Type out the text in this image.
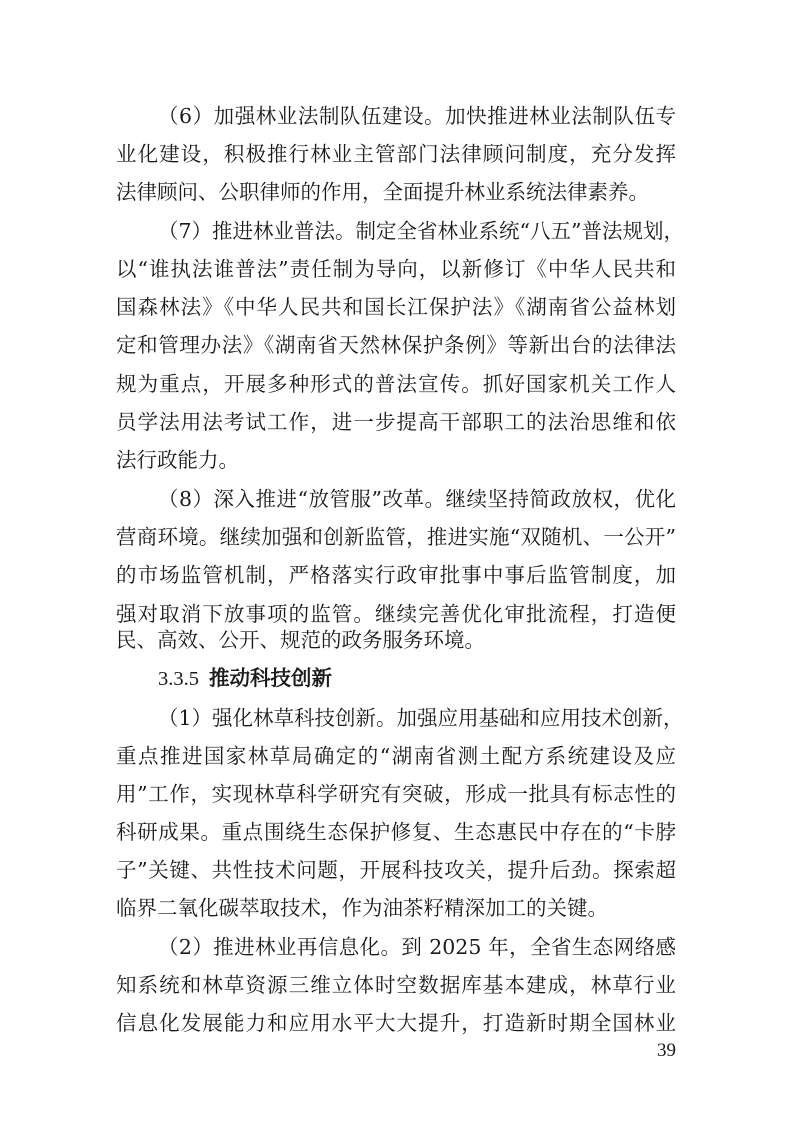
（6）加强林业法制队伍建设。加快推进林业法制队伍专
业化建设，积极推行林业主管部门法律顾问制度，充分发挥
法律顾问、公职律师的作用，全面提升林业系统法律素养。
（7）推进林业普法。制定全省林业系统“八五”普法规划，
以“谁执法谁普法”责任制为导向，以新修订《中华人民共和
国森林法》《中华人民共和国长江保护法》《湖南省公益林划
定和管理办法》《湖南省天然林保护条例》等新出台的法律法
规为重点，开展多种形式的普法宣传。抓好国家机关工作人
员学法用法考试工作，进一步提高干部职工的法治思维和依
法行政能力。
（8）深入推进“放管服”改革。继续坚持简政放权，优化
营商环境。继续加强和创新监管，推进实施“双随机、一公开”
的市场监管机制，严格落实行政审批事中事后监管制度，加
强对取消下放事项的监管。继续完善优化审批流程，打造便
民、高效、公开、规范的政务服务环境。
3.3.5 推动科技创新
（1）强化林草科技创新。加强应用基础和应用技术创新，
重点推进国家林草局确定的“湖南省测土配方系统建设及应
用”工作，实现林草科学研究有突破，形成一批具有标志性的
科研成果。重点围绕生态保护修复、生态惠民中存在的“卡脖
子”关键、共性技术问题，开展科技攻关，提升后劲。探索超
临界二氧化碳萃取技术，作为油茶籽精深加工的关键。
（2）推进林业再信息化。到 2025 年，全省生态网络感
知系统和林草资源三维立体时空数据库基本建成，林草行业
信息化发展能力和应用水平大大提升，打造新时期全国林业
39
